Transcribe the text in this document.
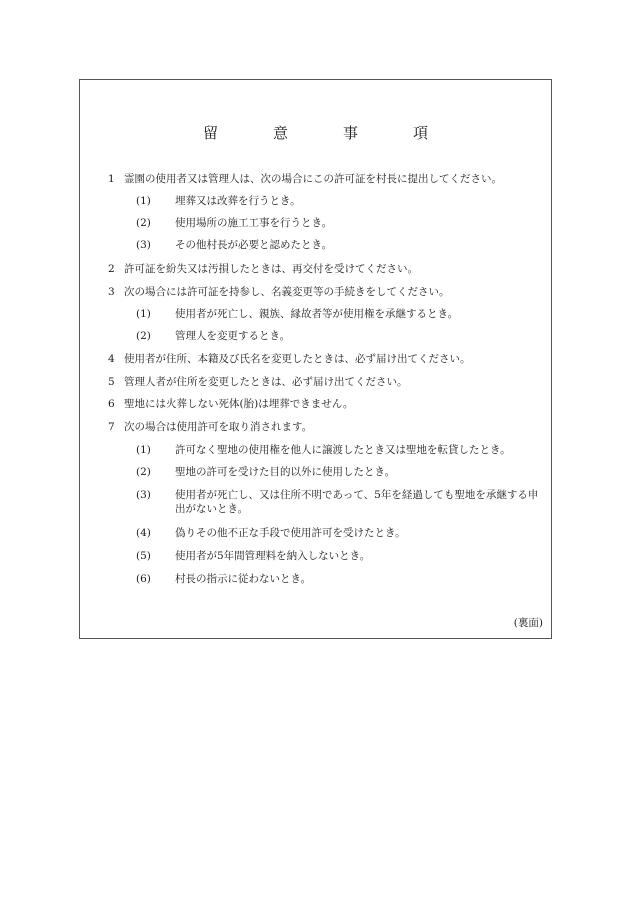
留	意	事	項
1 霊園の使用者又は管理人は、次の場合にこの許可証を村長に提出してください。
(1) 埋葬又は改葬を行うとき。
(2) 使用場所の施工工事を行うとき。
(3) その他村長が必要と認めたとき。
2 許可証を紛失又は汚損したときは、再交付を受けてください。
3 次の場合には許可証を持参し、名義変更等の手続きをしてください。
(1) 使用者が死亡し、親族、縁故者等が使用権を承継するとき。
(2) 管理人を変更するとき。
4 使用者が住所、本籍及び氏名を変更したときは、必ず届け出てください。
5 管理人者が住所を変更したときは、必ず届け出てください。
6 聖地には火葬しない死体(胎)は埋葬できません。
7 次の場合は使用許可を取り消されます。
(1) 許可なく聖地の使用権を他人に譲渡したとき又は聖地を転貸したとき。
(2) 聖地の許可を受けた目的以外に使用したとき。
(3) 使用者が死亡し、又は住所不明であって、5年を経過しても聖地を承継する申出がないとき。
(4) 偽りその他不正な手段で使用許可を受けたとき。
(5) 使用者が5年間管理料を納入しないとき。
(6) 村長の指示に従わないとき。
(裏面)
